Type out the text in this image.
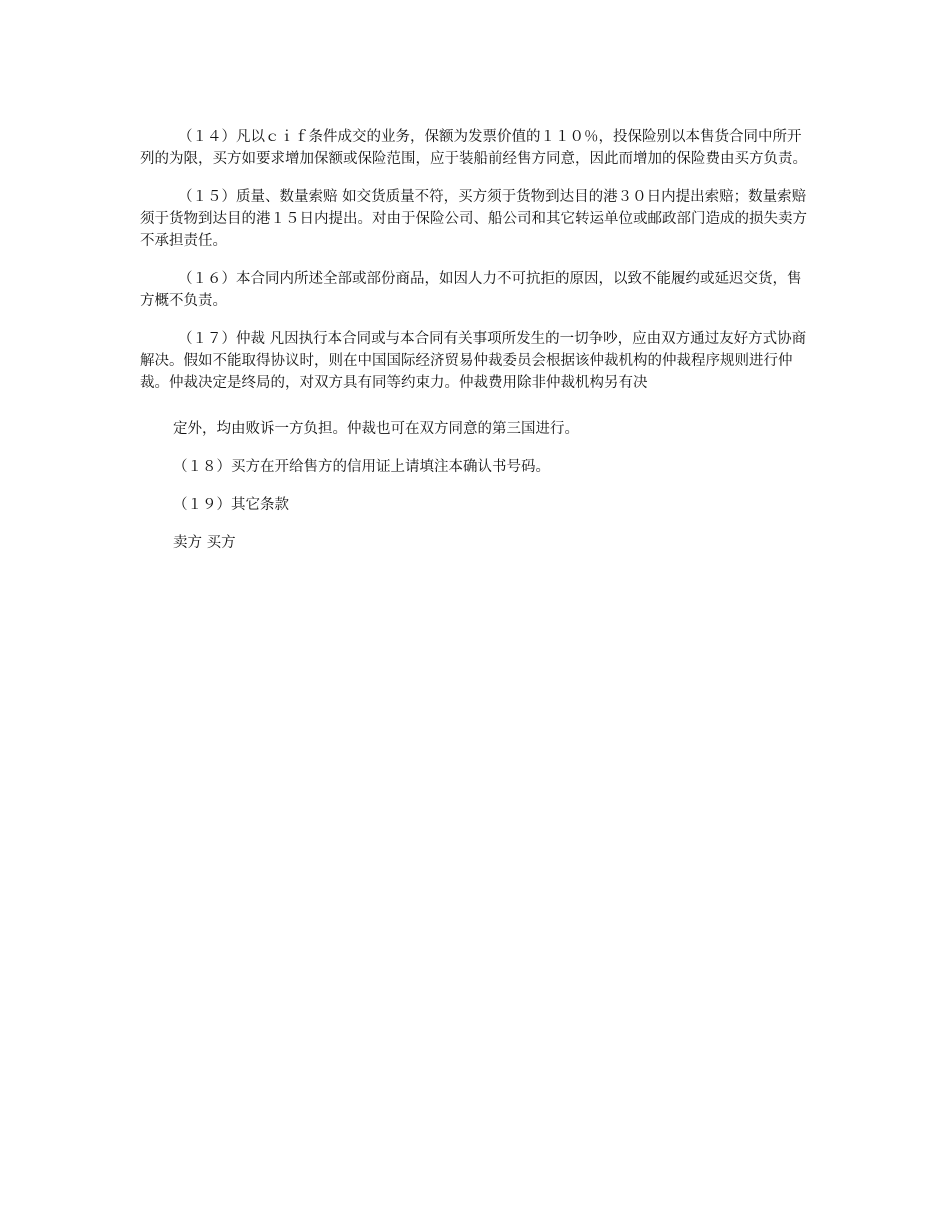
（１４）凡以ｃｉｆ条件成交的业务，保额为发票价值的１１０％，投保险别以本售货合同中所开列的为限，买方如要求增加保额或保险范围，应于装船前经售方同意，因此而增加的保险费由买方负责。

（１５）质量、数量索赔 如交货质量不符，买方须于货物到达目的港３０日内提出索赔；数量索赔须于货物到达目的港１５日内提出。对由于保险公司、船公司和其它转运单位或邮政部门造成的损失卖方不承担责任。

（１６）本合同内所述全部或部份商品，如因人力不可抗拒的原因，以致不能履约或延迟交货，售方概不负责。

（１７）仲裁 凡因执行本合同或与本合同有关事项所发生的一切争吵，应由双方通过友好方式协商解决。假如不能取得协议时，则在中国国际经济贸易仲裁委员会根据该仲裁机构的仲裁程序规则进行仲裁。仲裁决定是终局的，对双方具有同等约束力。仲裁费用除非仲裁机构另有决

定外，均由败诉一方负担。仲裁也可在双方同意的第三国进行。

（１８）买方在开给售方的信用证上请填注本确认书号码。

（１９）其它条款

卖方 买方
